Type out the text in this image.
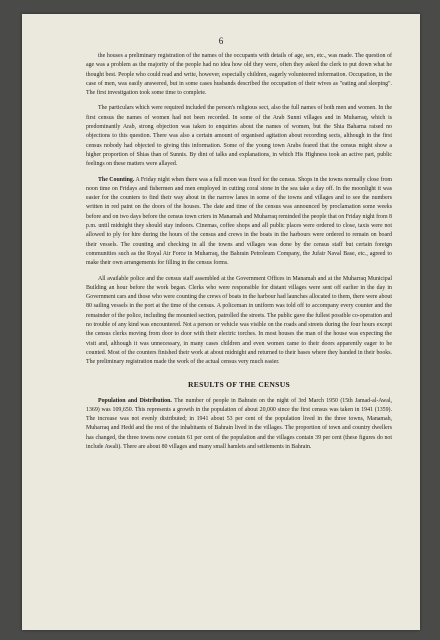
6

the houses a preliminary registration of the names of the occupants with details of age, sex, etc., was made. The question of age was a problem as the majority of the people had no idea how old they were, often they asked the clerk to put down what he thought best. People who could read and write, however, especially children, eagerly volunteered information. Occupation, in the case of men, was easily answered, but in some cases husbands described the occupation of their wives as "eating and sleeping". The first investigation took some time to complete.

The particulars which were required included the person's religious sect, also the full names of both men and women. In the first census the names of women had not been recorded. In some of the Arab Sunni villages and in Muharraq, which is predominantly Arab, strong objection was taken to enquiries about the names of women, but the Shia Baharna raised no objections to this question. There was also a certain amount of organised agitation about recording sects, although in the first census nobody had objected to giving this information. Some of the young town Arabs feared that the census might show a higher proportion of Shias than of Sunnis. By dint of talks and explanations, in which His Highness took an active part, public feelings on these matters were allayed.

The Counting. A Friday night when there was a full moon was fixed for the census. Shops in the towns normally close from noon time on Fridays and fishermen and men employed in cutting coral stone in the sea take a day off. In the moonlight it was easier for the counters to find their way about in the narrow lanes in some of the towns and villages and to see the numbers written in red paint on the doors of the houses. The date and time of the census was announced by proclamation some weeks before and on two days before the census town criers in Manamah and Muharraq reminded the people that on Friday night from 8 p.m. until midnight they should stay indoors. Cinemas, coffee shops and all public places were ordered to close, taxis were not allowed to ply for hire during the hours of the census and crews in the boats in the harbours were ordered to remain on board their vessels. The counting and checking in all the towns and villages was done by the census staff but certain foreign communities such as the Royal Air Force in Muharraq, the Bahrain Petroleum Company, the Jufair Naval Base, etc., agreed to make their own arrangements for filling in the census forms.

All available police and the census staff assembled at the Government Offices in Manamah and at the Muharraq Municipal Building an hour before the work began. Clerks who were responsible for distant villages were sent off earlier in the day in Government cars and those who were counting the crews of boats in the harbour had launches allocated to them, there were about 80 sailing vessels in the port at the time of the census. A policeman in uniform was told off to accompany every counter and the remainder of the police, including the mounted section, patrolled the streets. The public gave the fullest possible co-operation and no trouble of any kind was encountered. Not a person or vehicle was visible on the roads and streets during the four hours except the census clerks moving from door to door with their electric torches. In most houses the man of the house was expecting the visit and, although it was unnecessary, in many cases children and even women came to their doors apparently eager to be counted. Most of the counters finished their work at about midnight and returned to their bases where they handed in their books. The preliminary registration made the work of the actual census very much easier.

RESULTS OF THE CENSUS

Population and Distribution. The number of people in Bahrain on the night of 3rd March 1950 (15th Jamad-al-Awal, 1369) was 109,650. This represents a growth in the population of about 20,000 since the first census was taken in 1941 (1359). The increase was not evenly distributed; in 1941 about 53 per cent of the population lived in the three towns, Manamah, Muharraq and Hedd and the rest of the inhabitants of Bahrain lived in the villages. The proportion of town and country dwellers has changed, the three towns now contain 61 per cent of the population and the villages contain 39 per cent (these figures do not include Awali). There are about 80 villages and many small hamlets and settlements in Bahrain.
